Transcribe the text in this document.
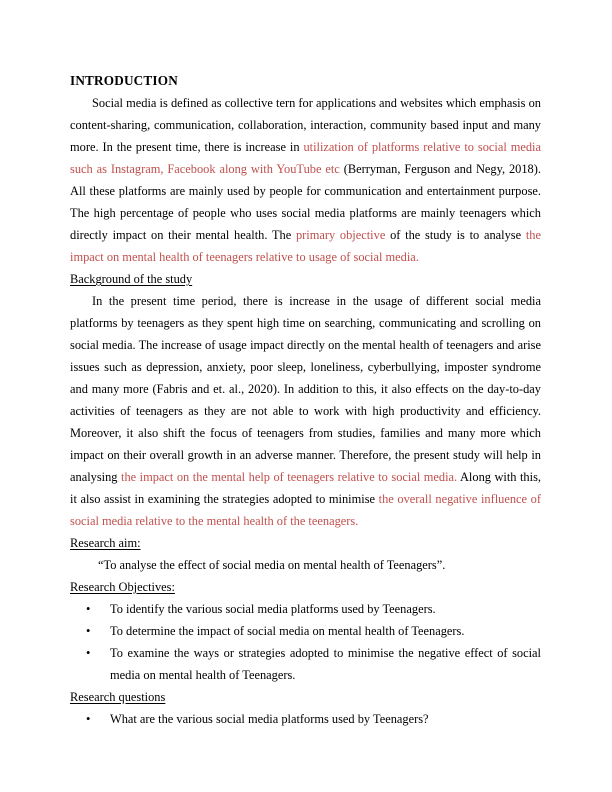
INTRODUCTION

Social media is defined as collective tern for applications and websites which emphasis on content-sharing, communication, collaboration, interaction, community based input and many more. In the present time, there is increase in utilization of platforms relative to social media such as Instagram, Facebook along with YouTube etc (Berryman, Ferguson and Negy, 2018). All these platforms are mainly used by people for communication and entertainment purpose. The high percentage of people who uses social media platforms are mainly teenagers which directly impact on their mental health. The primary objective of the study is to analyse the impact on mental health of teenagers relative to usage of social media.

Background of the study

In the present time period, there is increase in the usage of different social media platforms by teenagers as they spent high time on searching, communicating and scrolling on social media. The increase of usage impact directly on the mental health of teenagers and arise issues such as depression, anxiety, poor sleep, loneliness, cyberbullying, imposter syndrome and many more (Fabris and et. al., 2020). In addition to this, it also effects on the day-to-day activities of teenagers as they are not able to work with high productivity and efficiency. Moreover, it also shift the focus of teenagers from studies, families and many more which impact on their overall growth in an adverse manner. Therefore, the present study will help in analysing the impact on the mental help of teenagers relative to social media. Along with this, it also assist in examining the strategies adopted to minimise the overall negative influence of social media relative to the mental health of the teenagers.

Research aim:

“To analyse the effect of social media on mental health of Teenagers”.

Research Objectives:

• To identify the various social media platforms used by Teenagers.
• To determine the impact of social media on mental health of Teenagers.
• To examine the ways or strategies adopted to minimise the negative effect of social media on mental health of Teenagers.

Research questions

• What are the various social media platforms used by Teenagers?
